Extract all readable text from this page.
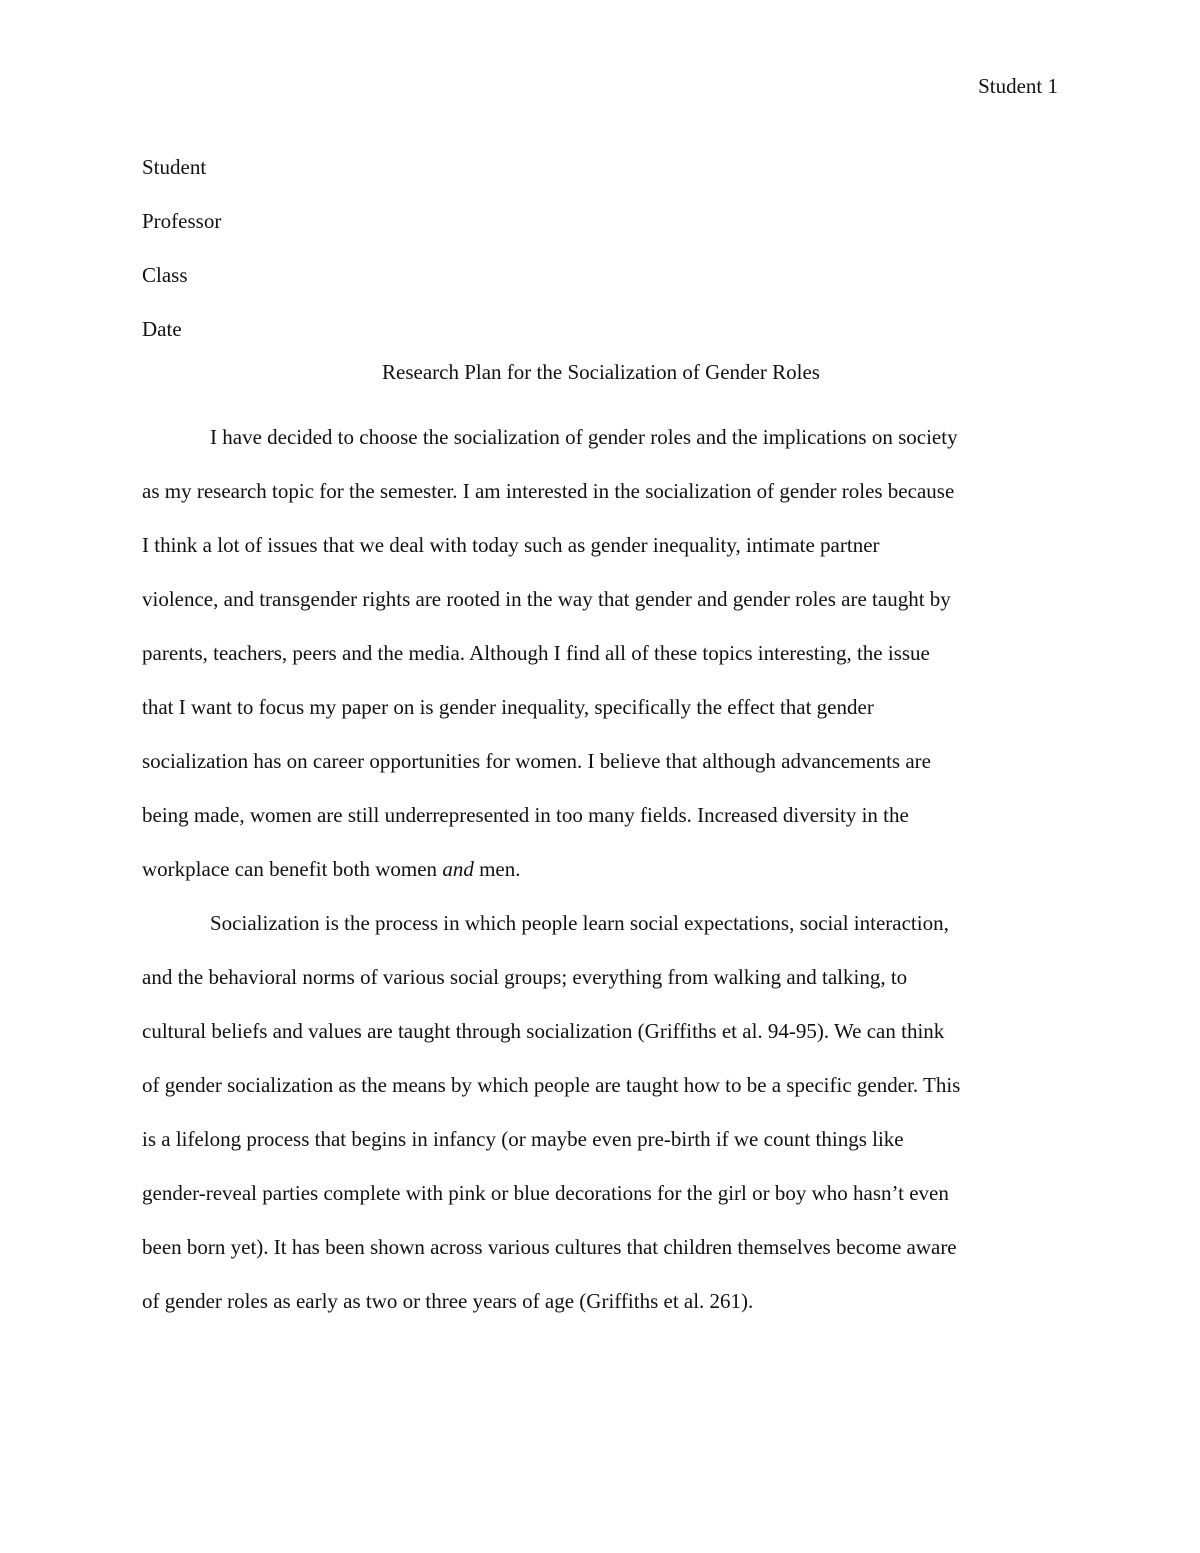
Student 1
Student
Professor
Class
Date
Research Plan for the Socialization of Gender Roles
I have decided to choose the socialization of gender roles and the implications on society
as my research topic for the semester. I am interested in the socialization of gender roles because
I think a lot of issues that we deal with today such as gender inequality, intimate partner
violence, and transgender rights are rooted in the way that gender and gender roles are taught by
parents, teachers, peers and the media. Although I find all of these topics interesting, the issue
that I want to focus my paper on is gender inequality, specifically the effect that gender
socialization has on career opportunities for women. I believe that although advancements are
being made, women are still underrepresented in too many fields. Increased diversity in the
workplace can benefit both women and men.
Socialization is the process in which people learn social expectations, social interaction,
and the behavioral norms of various social groups; everything from walking and talking, to
cultural beliefs and values are taught through socialization (Griffiths et al. 94-95). We can think
of gender socialization as the means by which people are taught how to be a specific gender. This
is a lifelong process that begins in infancy (or maybe even pre-birth if we count things like
gender-reveal parties complete with pink or blue decorations for the girl or boy who hasn’t even
been born yet). It has been shown across various cultures that children themselves become aware
of gender roles as early as two or three years of age (Griffiths et al. 261).
